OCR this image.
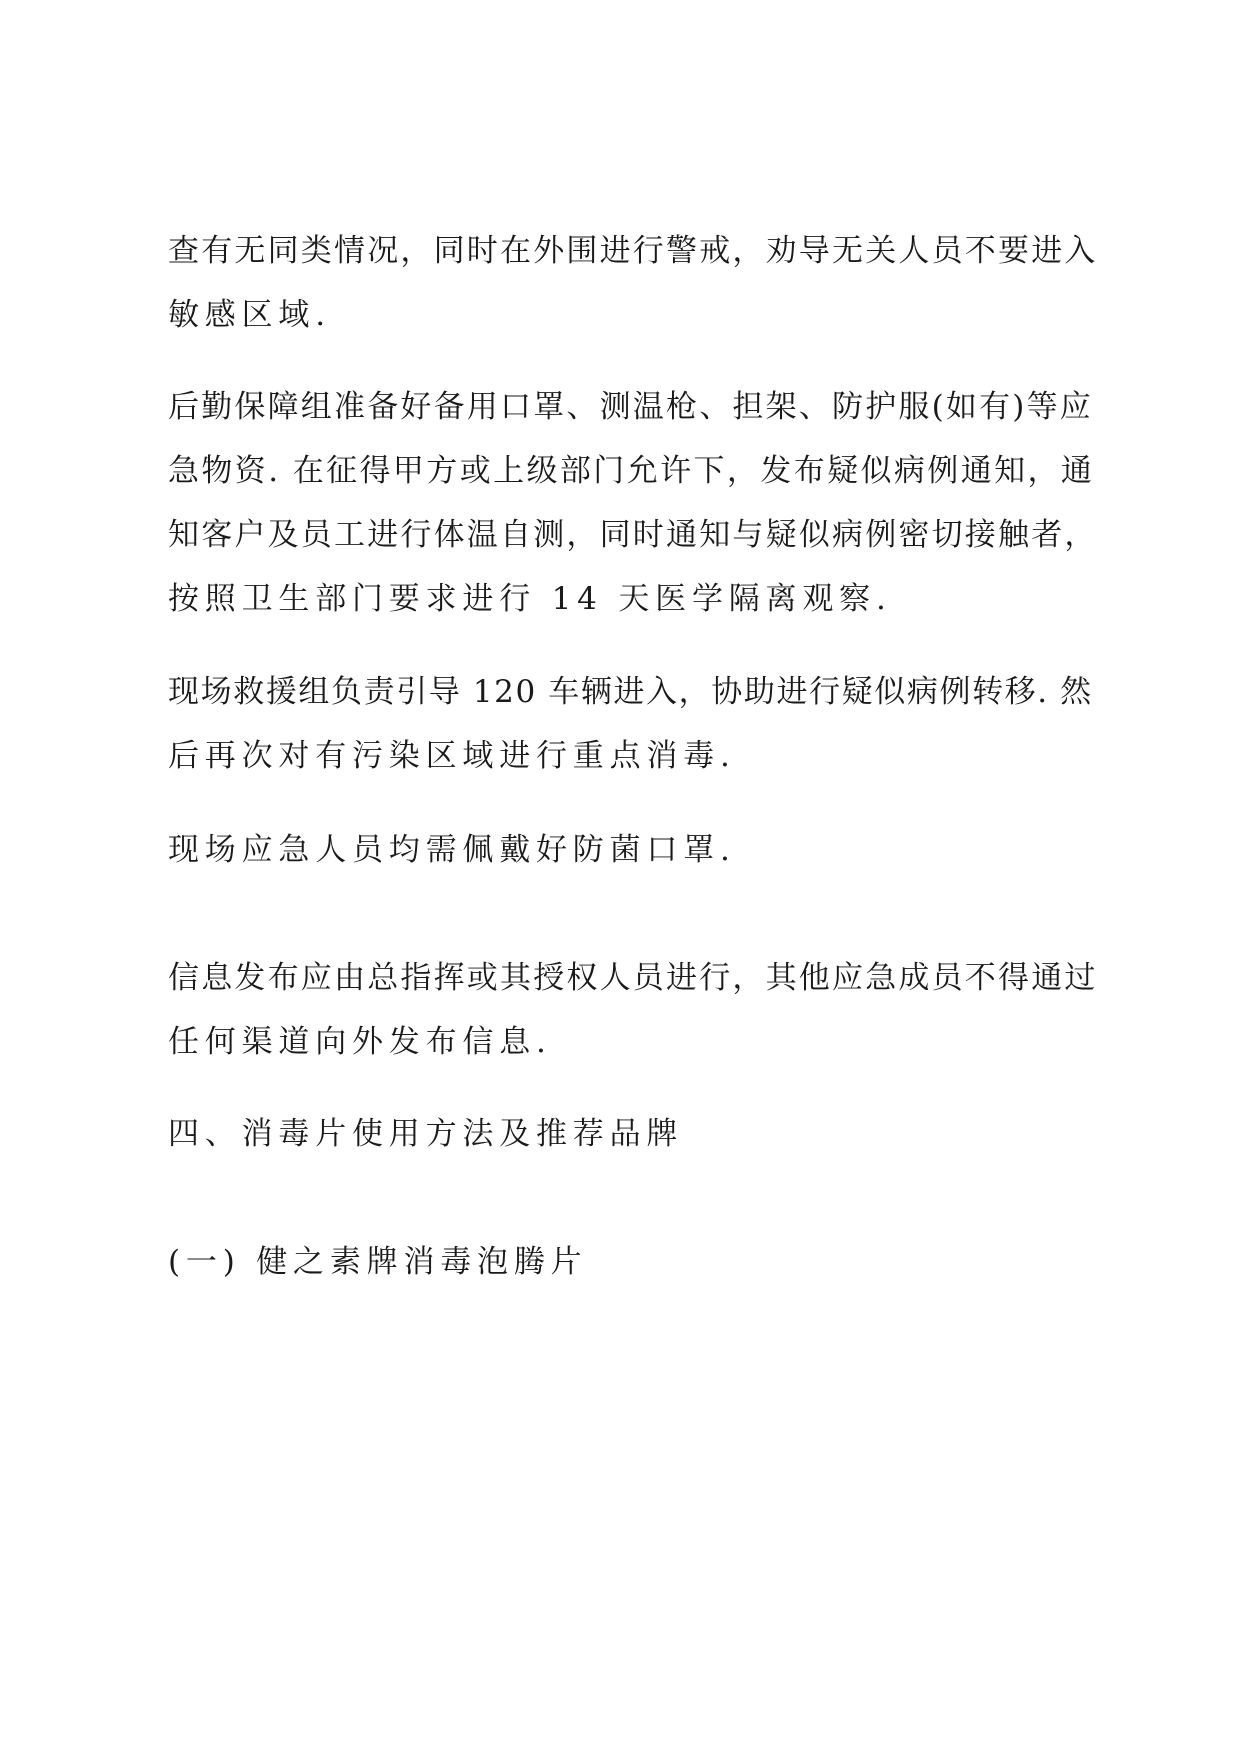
查有无同类情况，同时在外围进行警戒，劝导无关人员不要进入
敏感区域.
后勤保障组准备好备用口罩、测温枪、担架、防护服(如有)等应
急物资. 在征得甲方或上级部门允许下，发布疑似病例通知，通
知客户及员工进行体温自测，同时通知与疑似病例密切接触者，
按照卫生部门要求进行 14 天医学隔离观察.
现场救援组负责引导 120 车辆进入，协助进行疑似病例转移. 然
后再次对有污染区域进行重点消毒.
现场应急人员均需佩戴好防菌口罩.
信息发布应由总指挥或其授权人员进行，其他应急成员不得通过
任何渠道向外发布信息.
四、消毒片使用方法及推荐品牌
(一) 健之素牌消毒泡腾片
